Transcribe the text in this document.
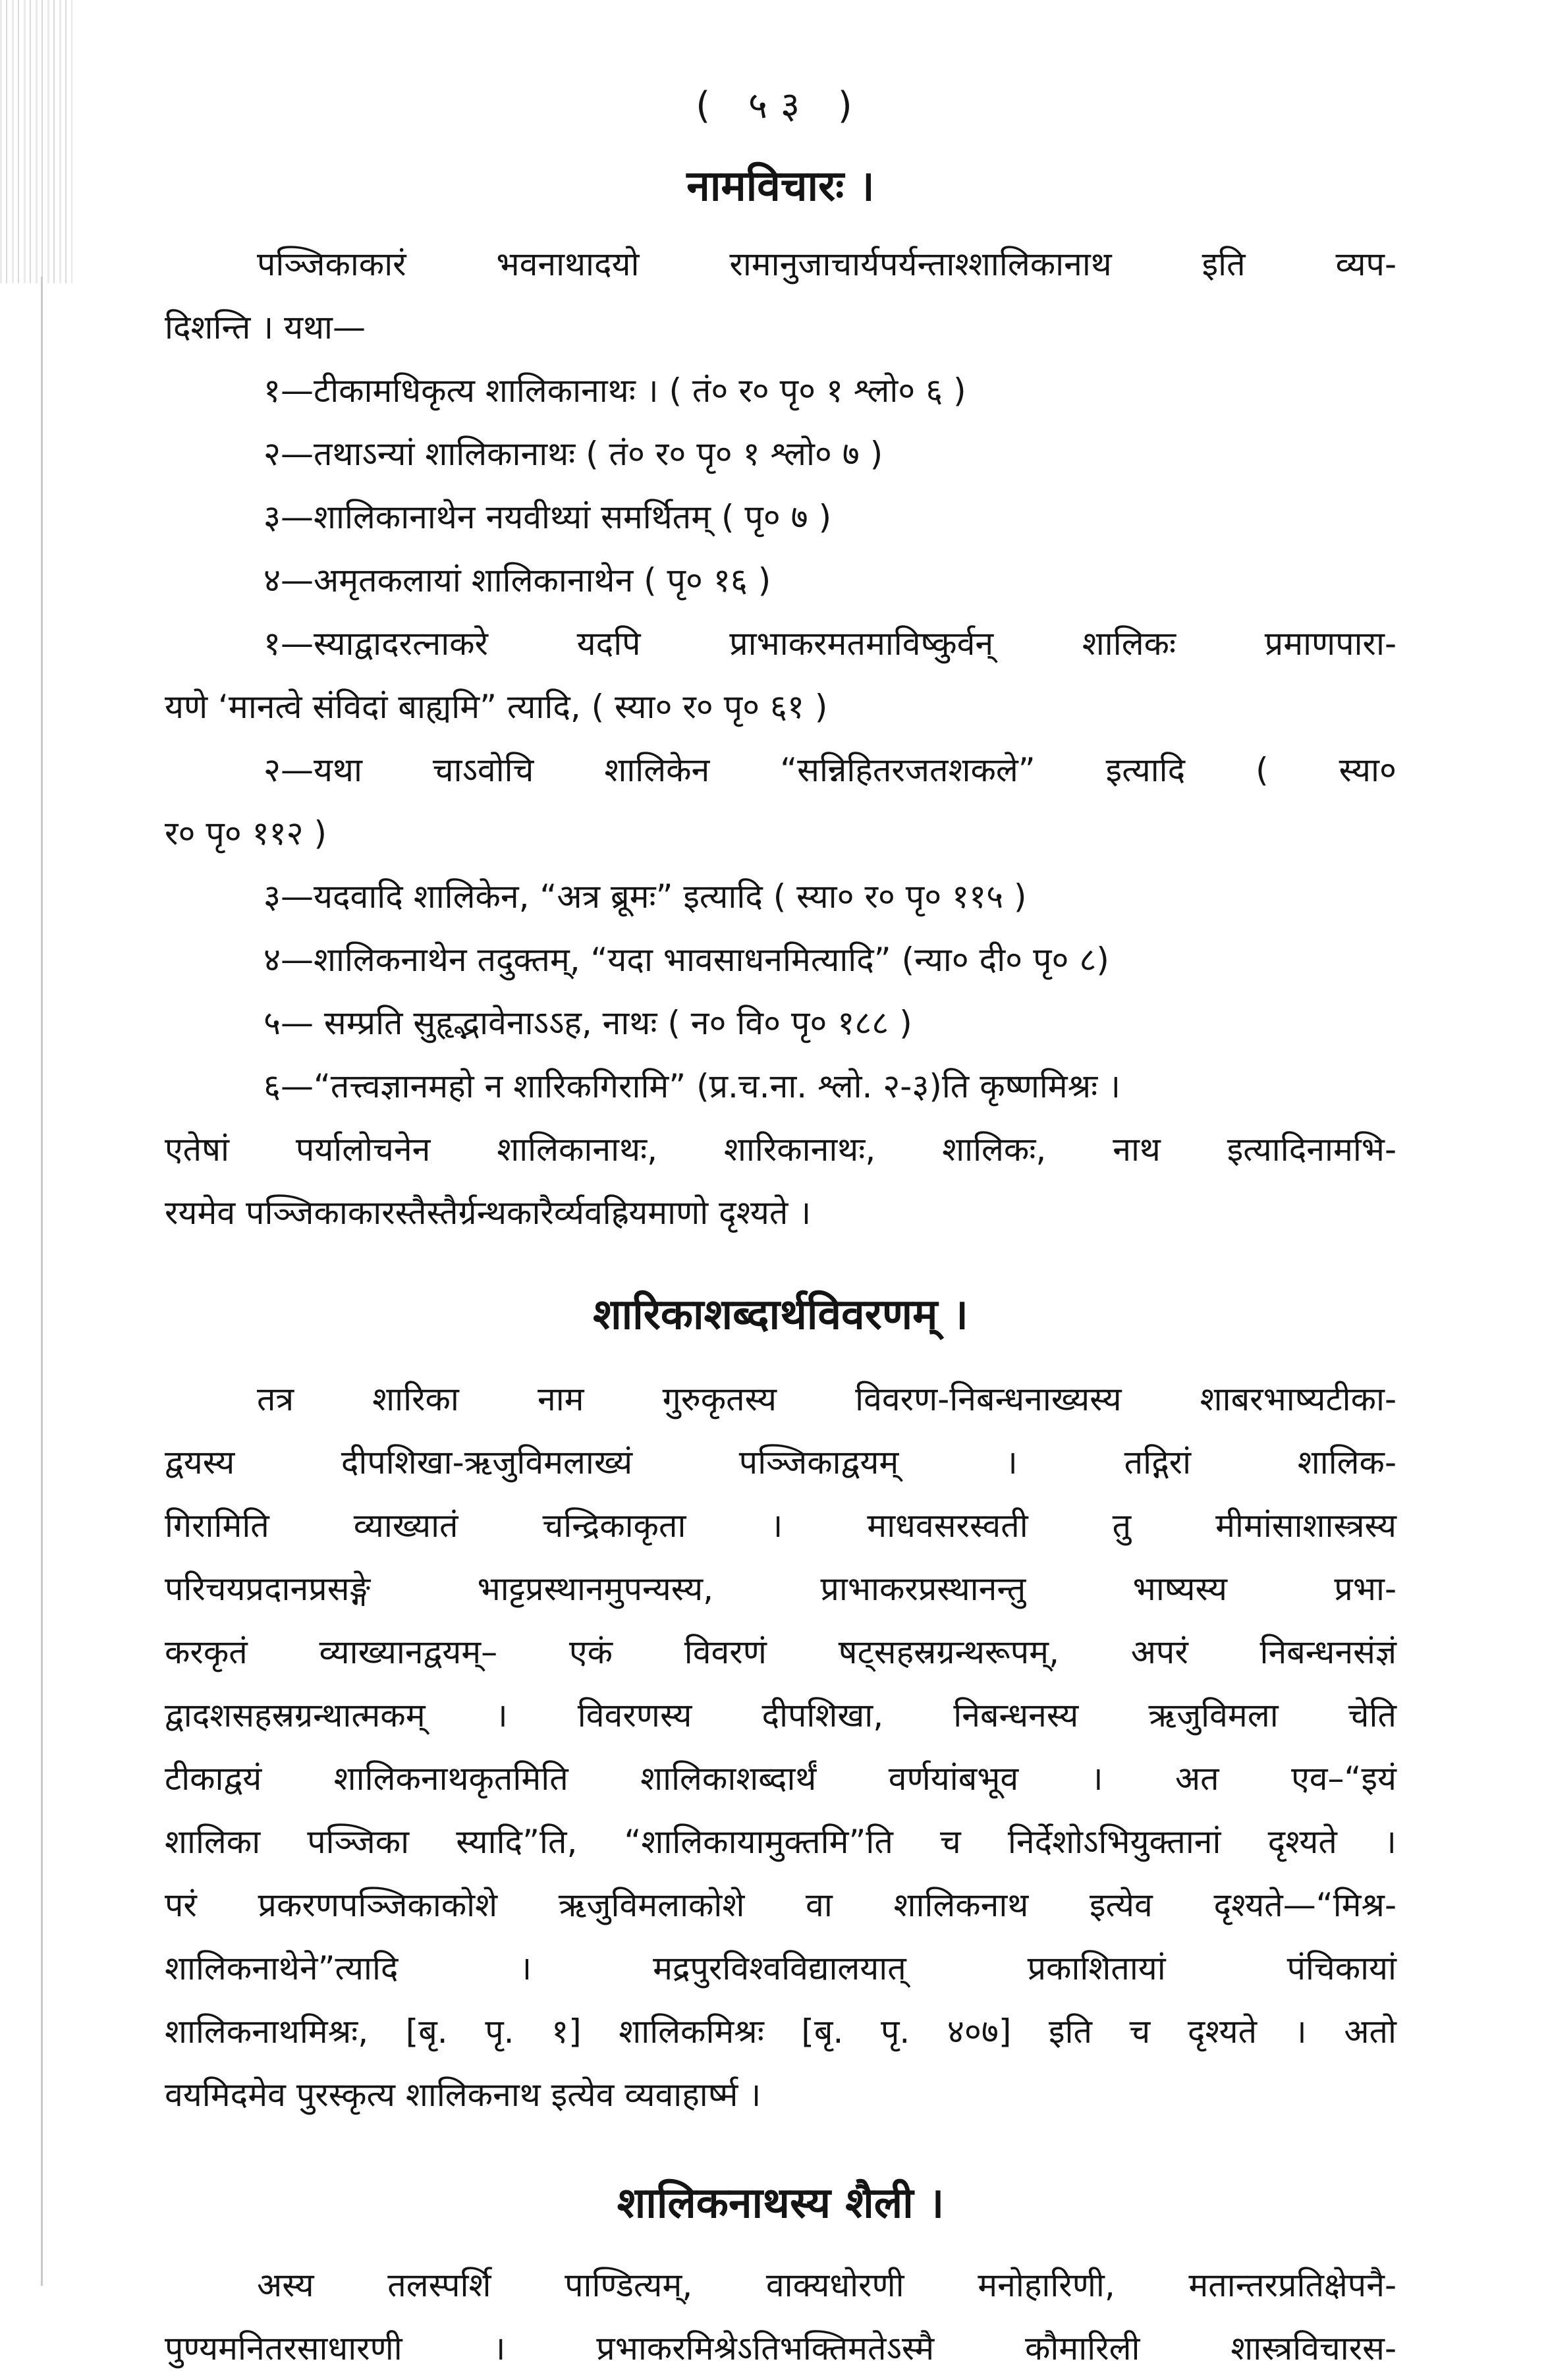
( ५३ )
नामविचारः ।
पञ्जिकाकारं भवनाथादयो रामानुजाचार्यपर्यन्ताश्शालिकानाथ इति व्यप-
दिशन्ति । यथा—
१—टीकामधिकृत्य शालिकानाथः । ( तं० र० पृ० १ श्लो० ६ )
२—तथाऽन्यां शालिकानाथः ( तं० र० पृ० १ श्लो० ७ )
३—शालिकानाथेन नयवीथ्यां समर्थितम् ( पृ० ७ )
४—अमृतकलायां शालिकानाथेन ( पृ० १६ )
१—स्याद्वादरत्नाकरे यदपि प्राभाकरमतमाविष्कुर्वन् शालिकः प्रमाणपारा-
यणे ‘मानत्वे संविदां बाह्यमि” त्यादि, ( स्या० र० पृ० ६१ )
२—यथा चाऽवोचि शालिकेन “सन्निहितरजतशकले” इत्यादि ( स्या०
र० पृ० ११२ )
३—यदवादि शालिकेन, “अत्र ब्रूमः” इत्यादि ( स्या० र० पृ० ११५ )
४—शालिकनाथेन तदुक्तम्, “यदा भावसाधनमित्यादि” (न्या० दी० पृ० ८)
५— सम्प्रति सुहृद्भावेनाऽऽह, नाथः ( न० वि० पृ० १८८ )
६—“तत्त्वज्ञानमहो न शारिकगिरामि” (प्र.च.ना. श्लो. २-३)ति कृष्णमिश्रः ।
एतेषां पर्यालोचनेन शालिकानाथः, शारिकानाथः, शालिकः, नाथ इत्यादिनामभि-
रयमेव पञ्जिकाकारस्तैस्तैर्ग्रन्थकारैर्व्यवह्रियमाणो दृश्यते ।
शारिकाशब्दार्थविवरणम् ।
तत्र शारिका नाम गुरुकृतस्य विवरण-निबन्धनाख्यस्य शाबरभाष्यटीका-
द्वयस्य दीपशिखा-ऋजुविमलाख्यं पञ्जिकाद्वयम् । तद्गिरां शालिक-
गिरामिति व्याख्यातं चन्द्रिकाकृता । माधवसरस्वती तु मीमांसाशास्त्रस्य
परिचयप्रदानप्रसङ्गे भाट्टप्रस्थानमुपन्यस्य, प्राभाकरप्रस्थानन्तु भाष्यस्य प्रभा-
करकृतं व्याख्यानद्वयम्– एकं विवरणं षट्सहस्रग्रन्थरूपम्, अपरं निबन्धनसंज्ञं
द्वादशसहस्रग्रन्थात्मकम् । विवरणस्य दीपशिखा, निबन्धनस्य ऋजुविमला चेति
टीकाद्वयं शालिकनाथकृतमिति शालिकाशब्दार्थं वर्णयांबभूव । अत एव–“इयं
शालिका पञ्जिका स्यादि”ति, “शालिकायामुक्तमि”ति च निर्देशोऽभियुक्तानां दृश्यते ।
परं प्रकरणपञ्जिकाकोशे ऋजुविमलाकोशे वा शालिकनाथ इत्येव दृश्यते—“मिश्र-
शालिकनाथेने”त्यादि । मद्रपुरविश्वविद्यालयात् प्रकाशितायां पंचिकायां
शालिकनाथमिश्रः, [बृ. पृ. १] शालिकमिश्रः [बृ. पृ. ४०७] इति च दृश्यते । अतो
वयमिदमेव पुरस्कृत्य शालिकनाथ इत्येव व्यवाहार्ष्म ।
शालिकनाथस्य शैली ।
अस्य तलस्पर्शि पाण्डित्यम्, वाक्यधोरणी मनोहारिणी, मतान्तरप्रतिक्षेपनै-
पुण्यमनितरसाधारणी । प्रभाकरमिश्रेऽतिभक्तिमतेऽस्मै कौमारिली शास्त्रविचारस-
